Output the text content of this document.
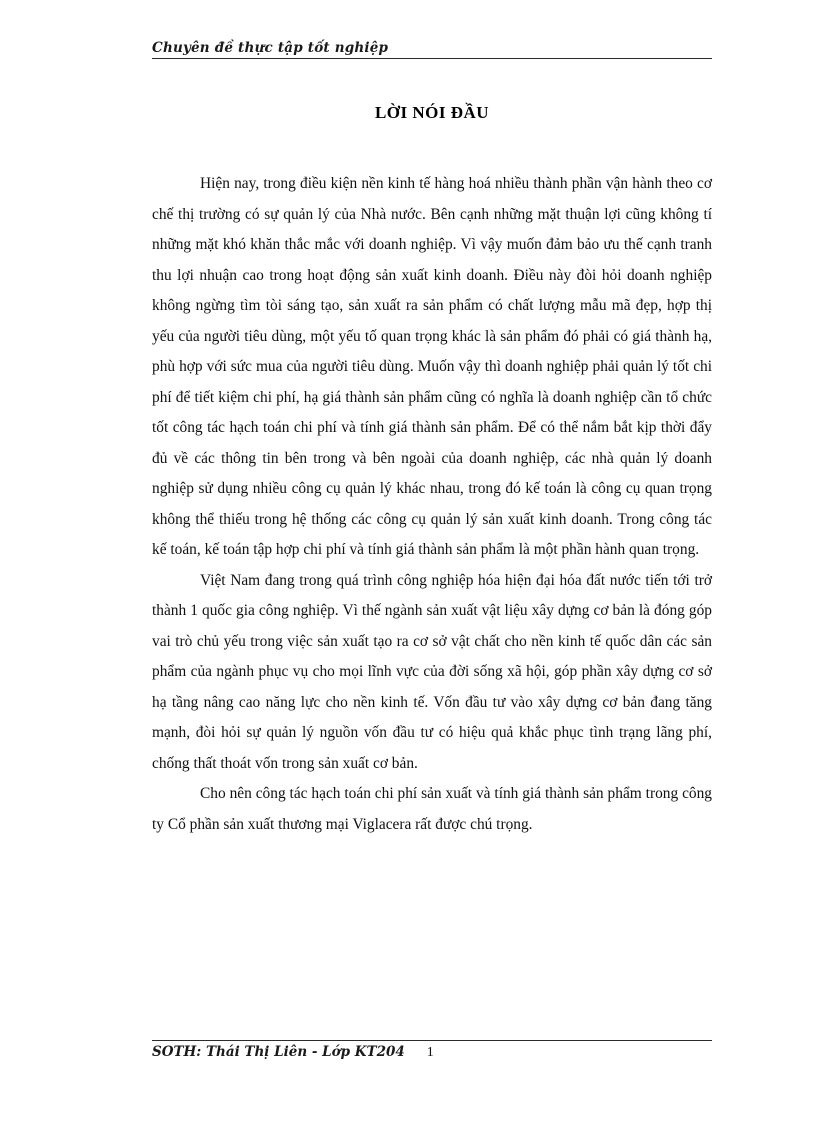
Chuyên đề thực tập tốt nghiệp
LỜI NÓI ĐẦU

Hiện nay, trong điều kiện nền kinh tế hàng hoá nhiều thành phần vận hành theo cơ chế thị trường có sự quản lý của Nhà nước. Bên cạnh những mặt thuận lợi cũng không tí những mặt khó khăn thắc mắc với doanh nghiệp. Vì vậy muốn đảm bảo ưu thế cạnh tranh thu lợi nhuận cao trong hoạt động sản xuất kinh doanh. Điều này đòi hỏi doanh nghiệp không ngừng tìm tòi sáng tạo, sản xuất ra sản phẩm có chất lượng mẫu mã đẹp, hợp thị yếu của người tiêu dùng, một yếu tố quan trọng khác là sản phẩm đó phải có giá thành hạ, phù hợp với sức mua của người tiêu dùng. Muốn vậy thì doanh nghiệp phải quản lý tốt chi phí để tiết kiệm chi phí, hạ giá thành sản phẩm cũng có nghĩa là doanh nghiệp cần tổ chức tốt công tác hạch toán chi phí và tính giá thành sản phẩm. Để có thể nắm bắt kịp thời đẩy đủ về các thông tin bên trong và bên ngoài của doanh nghiệp, các nhà quản lý doanh nghiệp sử dụng nhiều công cụ quản lý khác nhau, trong đó kế toán là công cụ quan trọng không thể thiếu trong hệ thống các công cụ quản lý sản xuất kinh doanh. Trong công tác kế toán, kế toán tập hợp chi phí và tính giá thành sản phẩm là một phần hành quan trọng.

Việt Nam đang trong quá trình công nghiệp hóa hiện đại hóa đất nước tiến tới trở thành 1 quốc gia công nghiệp. Vì thế ngành sản xuất vật liệu xây dựng cơ bản là đóng góp vai trò chủ yếu trong việc sản xuất tạo ra cơ sở vật chất cho nền kinh tế quốc dân các sản phẩm của ngành phục vụ cho mọi lĩnh vực của đời sống xã hội, góp phần xây dựng cơ sở hạ tầng nâng cao năng lực cho nền kinh tế. Vốn đầu tư vào xây dựng cơ bản đang tăng mạnh, đòi hỏi sự quản lý nguồn vốn đầu tư có hiệu quả khắc phục tình trạng lãng phí, chống thất thoát vốn trong sản xuất cơ bản.

Cho nên công tác hạch toán chi phí sản xuất và tính giá thành sản phẩm trong công ty Cổ phần sản xuất thương mại Viglacera rất được chú trọng.

SOTH: Thái Thị Liên - Lớp KT204 1
